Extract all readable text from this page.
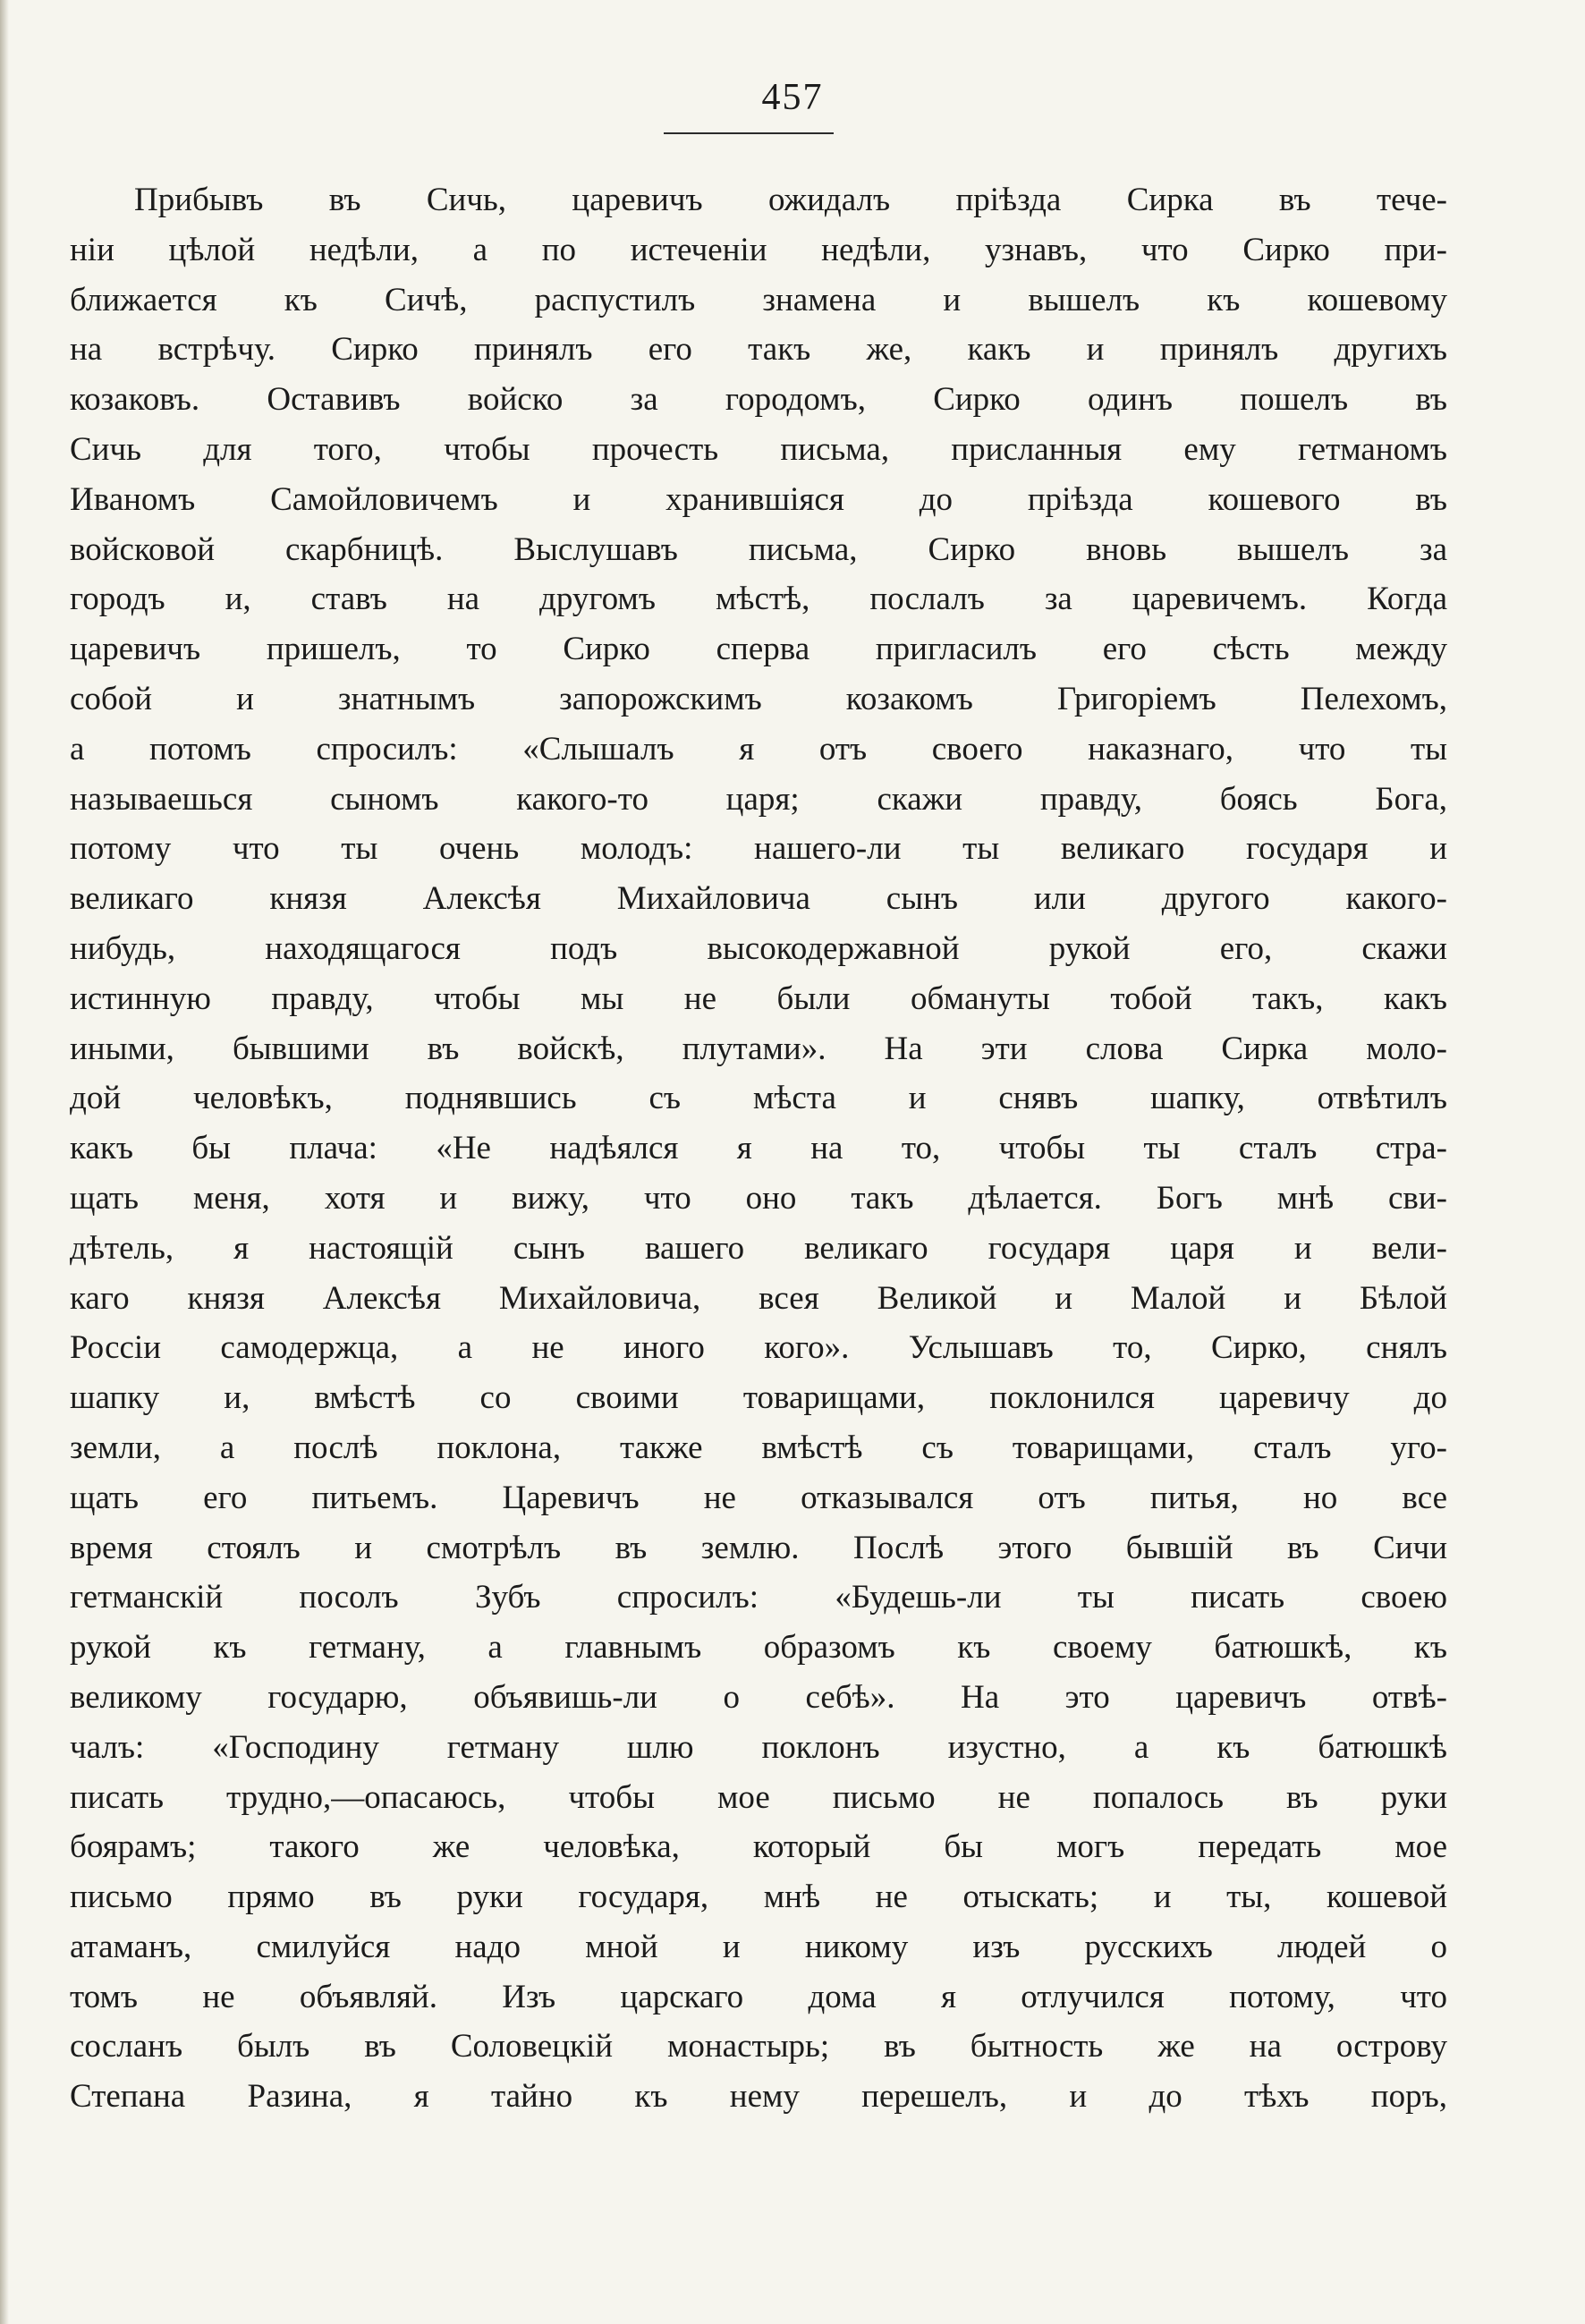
457
Прибывъ въ Сичь, царевичъ ожидалъ прiѣзда Сирка въ тече-
нiи цѣлой недѣли, а по истеченiи недѣли, узнавъ, что Сирко при-
ближается къ Сичѣ, распустилъ знамена и вышелъ къ кошевому
на встрѣчу. Сирко принялъ его такъ же, какъ и принялъ другихъ
козаковъ. Оставивъ войско за городомъ, Сирко одинъ пошелъ въ
Сичь для того, чтобы прочесть письма, присланныя ему гетманомъ
Иваномъ Самойловичемъ и хранившiяся до прiѣзда кошевого въ
войсковой скарбницѣ. Выслушавъ письма, Сирко вновь вышелъ за
городъ и, ставъ на другомъ мѣстѣ, послалъ за царевичемъ. Когда
царевичъ пришелъ, то Сирко сперва пригласилъ его сѣсть между
собой и знатнымъ запорожскимъ козакомъ Григорiемъ Пелехомъ,
а потомъ спросилъ: «Слышалъ я отъ своего наказнаго, что ты
называешься сыномъ какого-то царя; скажи правду, боясь Бога,
потому что ты очень молодъ: нашего-ли ты великаго государя и
великаго князя Алексѣя Михайловича сынъ или другого какого-
нибудь, находящагося подъ высокодержавной рукой его, скажи
истинную правду, чтобы мы не были обмануты тобой такъ, какъ
иными, бывшими въ войскѣ, плутами». На эти слова Сирка моло-
дой человѣкъ, поднявшись съ мѣста и снявъ шапку, отвѣтилъ
какъ бы плача: «Не надѣялся я на то, чтобы ты сталъ стра-
щать меня, хотя и вижу, что оно такъ дѣлается. Богъ мнѣ сви-
дѣтель, я настоящiй сынъ вашего великаго государя царя и вели-
каго князя Алексѣя Михайловича, всея Великой и Малой и Бѣлой
Россiи самодержца, а не иного кого». Услышавъ то, Сирко, снялъ
шапку и, вмѣстѣ со своими товарищами, поклонился царевичу до
земли, а послѣ поклона, также вмѣстѣ съ товарищами, сталъ уго-
щать его питьемъ. Царевичъ не отказывался отъ питья, но все
время стоялъ и смотрѣлъ въ землю. Послѣ этого бывшiй въ Сичи
гетманскiй посолъ Зубъ спросилъ: «Будешь-ли ты писать своею
рукой къ гетману, а главнымъ образомъ къ своему батюшкѣ, къ
великому государю, объявишь-ли о себѣ». На это царевичъ отвѣ-
чалъ: «Господину гетману шлю поклонъ изустно, а къ батюшкѣ
писать трудно,—опасаюсь, чтобы мое письмо не попалось въ руки
боярамъ; такого же человѣка, который бы могъ передать мое
письмо прямо въ руки государя, мнѣ не отыскать; и ты, кошевой
атаманъ, смилуйся надо мной и никому изъ русскихъ людей о
томъ не объявляй. Изъ царскаго дома я отлучился потому, что
сосланъ былъ въ Соловецкiй монастырь; въ бытность же на острову
Степана Разина, я тайно къ нему перешелъ, и до тѣхъ поръ,
